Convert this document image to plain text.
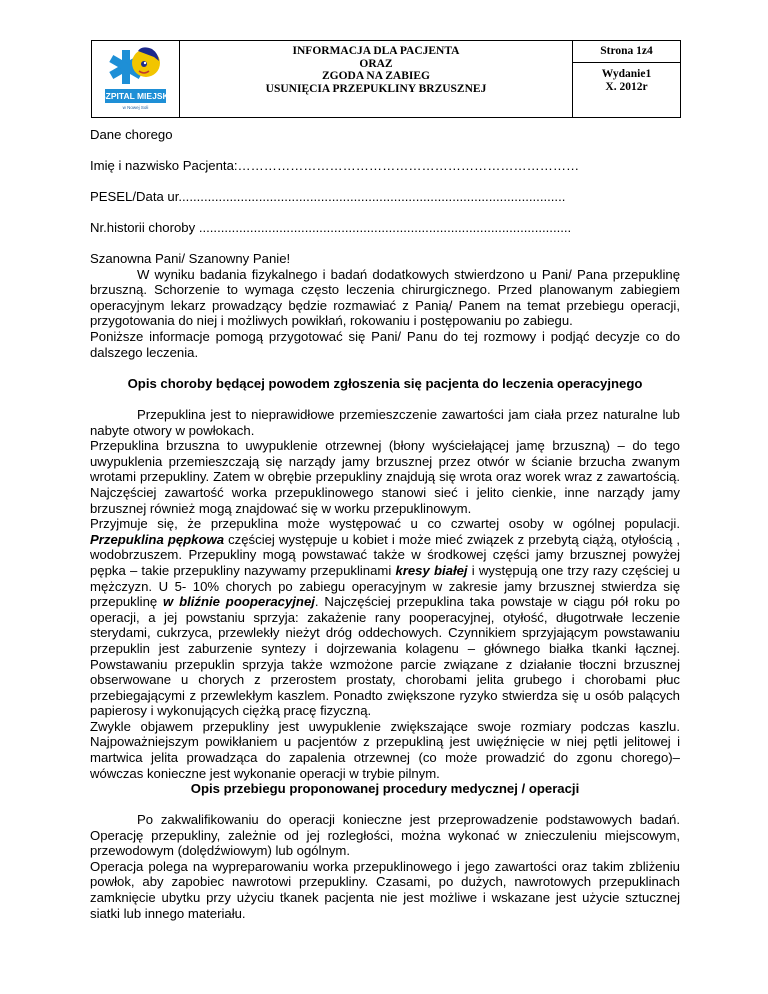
SZPITAL MIEJSKI
w Nowej Soli

INFORMACJA DLA PACJENTA
ORAZ
ZGODA NA ZABIEG
USUNIĘCIA PRZEPUKLINY BRZUSZNEJ

Strona 1z4
Wydanie1
X. 2012r

Dane chorego
Imię i nazwisko Pacjenta:……………………………………………………………………
PESEL/Data ur..........................................................................................................
Nr.historii choroby ......................................................................................................

Szanowna Pani/ Szanowny Panie!

W wyniku badania fizykalnego i badań dodatkowych stwierdzono u Pani/ Pana przepuklinę brzuszną. Schorzenie to wymaga często leczenia chirurgicznego. Przed planowanym zabiegiem operacyjnym lekarz prowadzący będzie rozmawiać z Panią/ Panem na temat przebiegu operacji, przygotowania do niej i możliwych powikłań, rokowaniu i postępowaniu po zabiegu.

Poniższe informacje pomogą przygotować się Pani/ Panu do tej rozmowy i podjąć decyzje co do dalszego leczenia.

Opis choroby będącej powodem zgłoszenia się pacjenta do leczenia operacyjnego

Przepuklina jest to nieprawidłowe przemieszczenie zawartości jam ciała przez naturalne lub nabyte otwory w powłokach.

Przepuklina brzuszna to uwypuklenie otrzewnej (błony wyściełającej jamę brzuszną) – do tego uwypuklenia przemieszczają się narządy jamy brzusznej przez otwór w ścianie brzucha zwanym wrotami przepukliny. Zatem w obrębie przepukliny znajdują się wrota oraz worek wraz z zawartością. Najczęściej zawartość worka przepuklinowego stanowi sieć i jelito cienkie, inne narządy jamy brzusznej również mogą znajdować się w worku przepuklinowym.

Przyjmuje się, że przepuklina może występować u co czwartej osoby w ogólnej populacji. Przepuklina pępkowa częściej występuje u kobiet i może mieć związek z przebytą ciążą, otyłością , wodobrzuszem. Przepukliny mogą powstawać także w środkowej części jamy brzusznej powyżej pępka – takie przepukliny nazywamy przepuklinami kresy białej i występują one trzy razy częściej u mężczyzn. U 5- 10% chorych po zabiegu operacyjnym w zakresie jamy brzusznej stwierdza się przepuklinę w bliźnie pooperacyjnej. Najczęściej przepuklina taka powstaje w ciągu pół roku po operacji, a jej powstaniu sprzyja: zakażenie rany pooperacyjnej, otyłość, długotrwałe leczenie sterydami, cukrzyca, przewlekły nieżyt dróg oddechowych. Czynnikiem sprzyjającym powstawaniu przepuklin jest zaburzenie syntezy i dojrzewania kolagenu – głównego białka tkanki łącznej. Powstawaniu przepuklin sprzyja także wzmożone parcie związane z działanie tłoczni brzusznej obserwowane u chorych z przerostem prostaty, chorobami jelita grubego i chorobami płuc przebiegającymi z przewlekłym kaszlem. Ponadto zwiększone ryzyko stwierdza się u osób palących papierosy i wykonujących ciężką pracę fizyczną.

Zwykle objawem przepukliny jest uwypuklenie zwiększające swoje rozmiary podczas kaszlu. Najpoważniejszym powikłaniem u pacjentów z przepukliną jest uwięźnięcie w niej pętli jelitowej i martwica jelita prowadząca do zapalenia otrzewnej (co może prowadzić do zgonu chorego)– wówczas konieczne jest wykonanie operacji w trybie pilnym.

Opis przebiegu proponowanej procedury medycznej / operacji

Po zakwalifikowaniu do operacji konieczne jest przeprowadzenie podstawowych badań. Operację przepukliny, zależnie od jej rozległości, można wykonać w znieczuleniu miejscowym, przewodowym (dolędźwiowym) lub ogólnym.

Operacja polega na wypreparowaniu worka przepuklinowego i jego zawartości oraz takim zbliżeniu powłok, aby zapobiec nawrotowi przepukliny. Czasami, po dużych, nawrotowych przepuklinach zamknięcie ubytku przy użyciu tkanek pacjenta nie jest możliwe i wskazane jest użycie sztucznej siatki lub innego materiału.
